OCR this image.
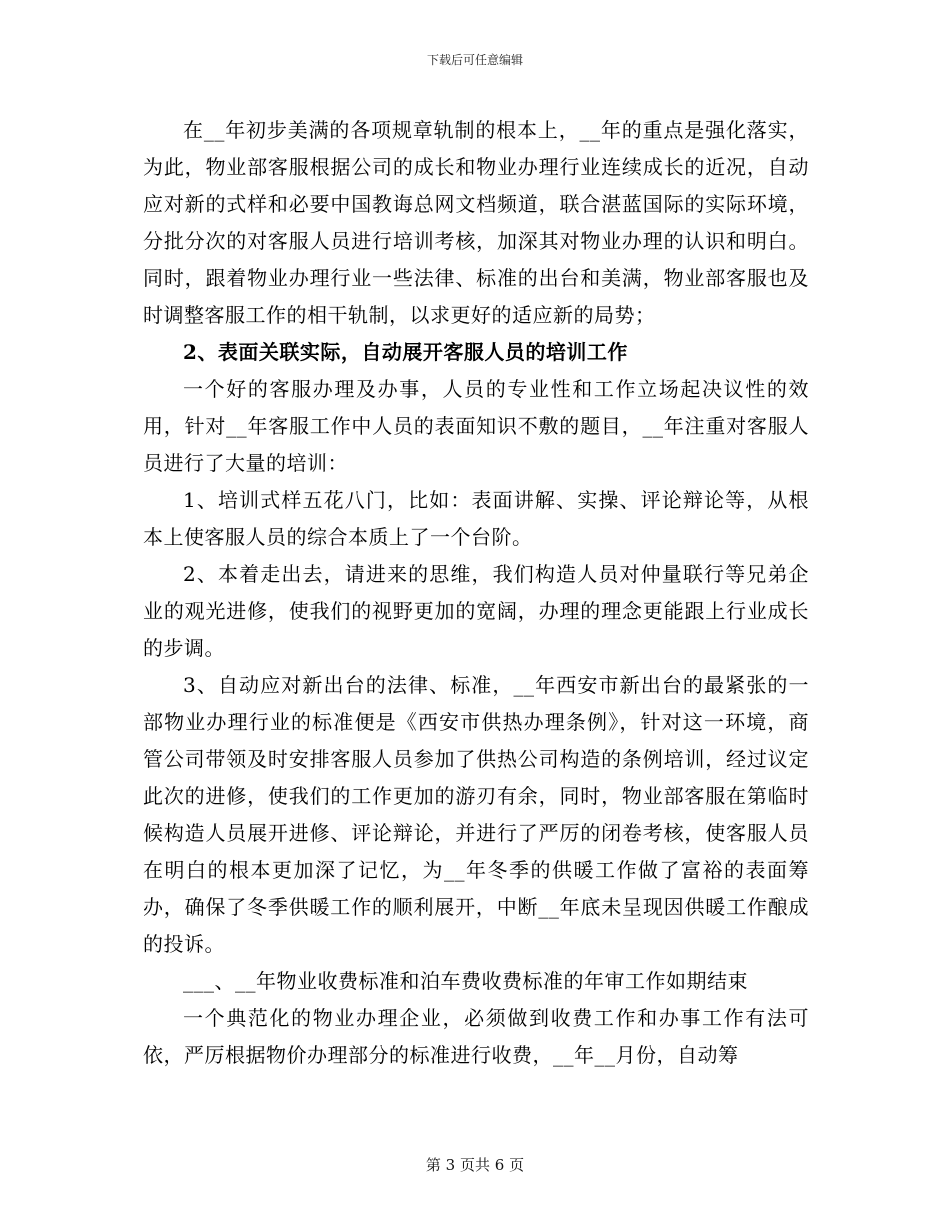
下载后可任意编辑

在__年初步美满的各项规章轨制的根本上，__年的重点是强化落实，为此，物业部客服根据公司的成长和物业办理行业连续成长的近况，自动应对新的式样和必要中国教诲总网文档频道，联合湛蓝国际的实际环境，分批分次的对客服人员进行培训考核，加深其对物业办理的认识和明白。同时，跟着物业办理行业一些法律、标准的出台和美满，物业部客服也及时调整客服工作的相干轨制，以求更好的适应新的局势；

2、表面关联实际，自动展开客服人员的培训工作

一个好的客服办理及办事，人员的专业性和工作立场起决议性的效用，针对__年客服工作中人员的表面知识不敷的题目，__年注重对客服人员进行了大量的培训：

1、培训式样五花八门，比如：表面讲解、实操、评论辩论等，从根本上使客服人员的综合本质上了一个台阶。

2、本着走出去，请进来的思维，我们构造人员对仲量联行等兄弟企业的观光进修，使我们的视野更加的宽阔，办理的理念更能跟上行业成长的步调。

3、自动应对新出台的法律、标准，__年西安市新出台的最紧张的一部物业办理行业的标准便是《西安市供热办理条例》，针对这一环境，商管公司带领及时安排客服人员参加了供热公司构造的条例培训，经过议定此次的进修，使我们的工作更加的游刃有余，同时，物业部客服在第临时候构造人员展开进修、评论辩论，并进行了严厉的闭卷考核，使客服人员在明白的根本更加深了记忆，为__年冬季的供暖工作做了富裕的表面筹办，确保了冬季供暖工作的顺利展开，中断__年底未呈现因供暖工作酿成的投诉。

___、__年物业收费标准和泊车费收费标准的年审工作如期结束

一个典范化的物业办理企业，必须做到收费工作和办事工作有法可依，严厉根据物价办理部分的标准进行收费，__年__月份，自动筹

第 3 页共 6 页
